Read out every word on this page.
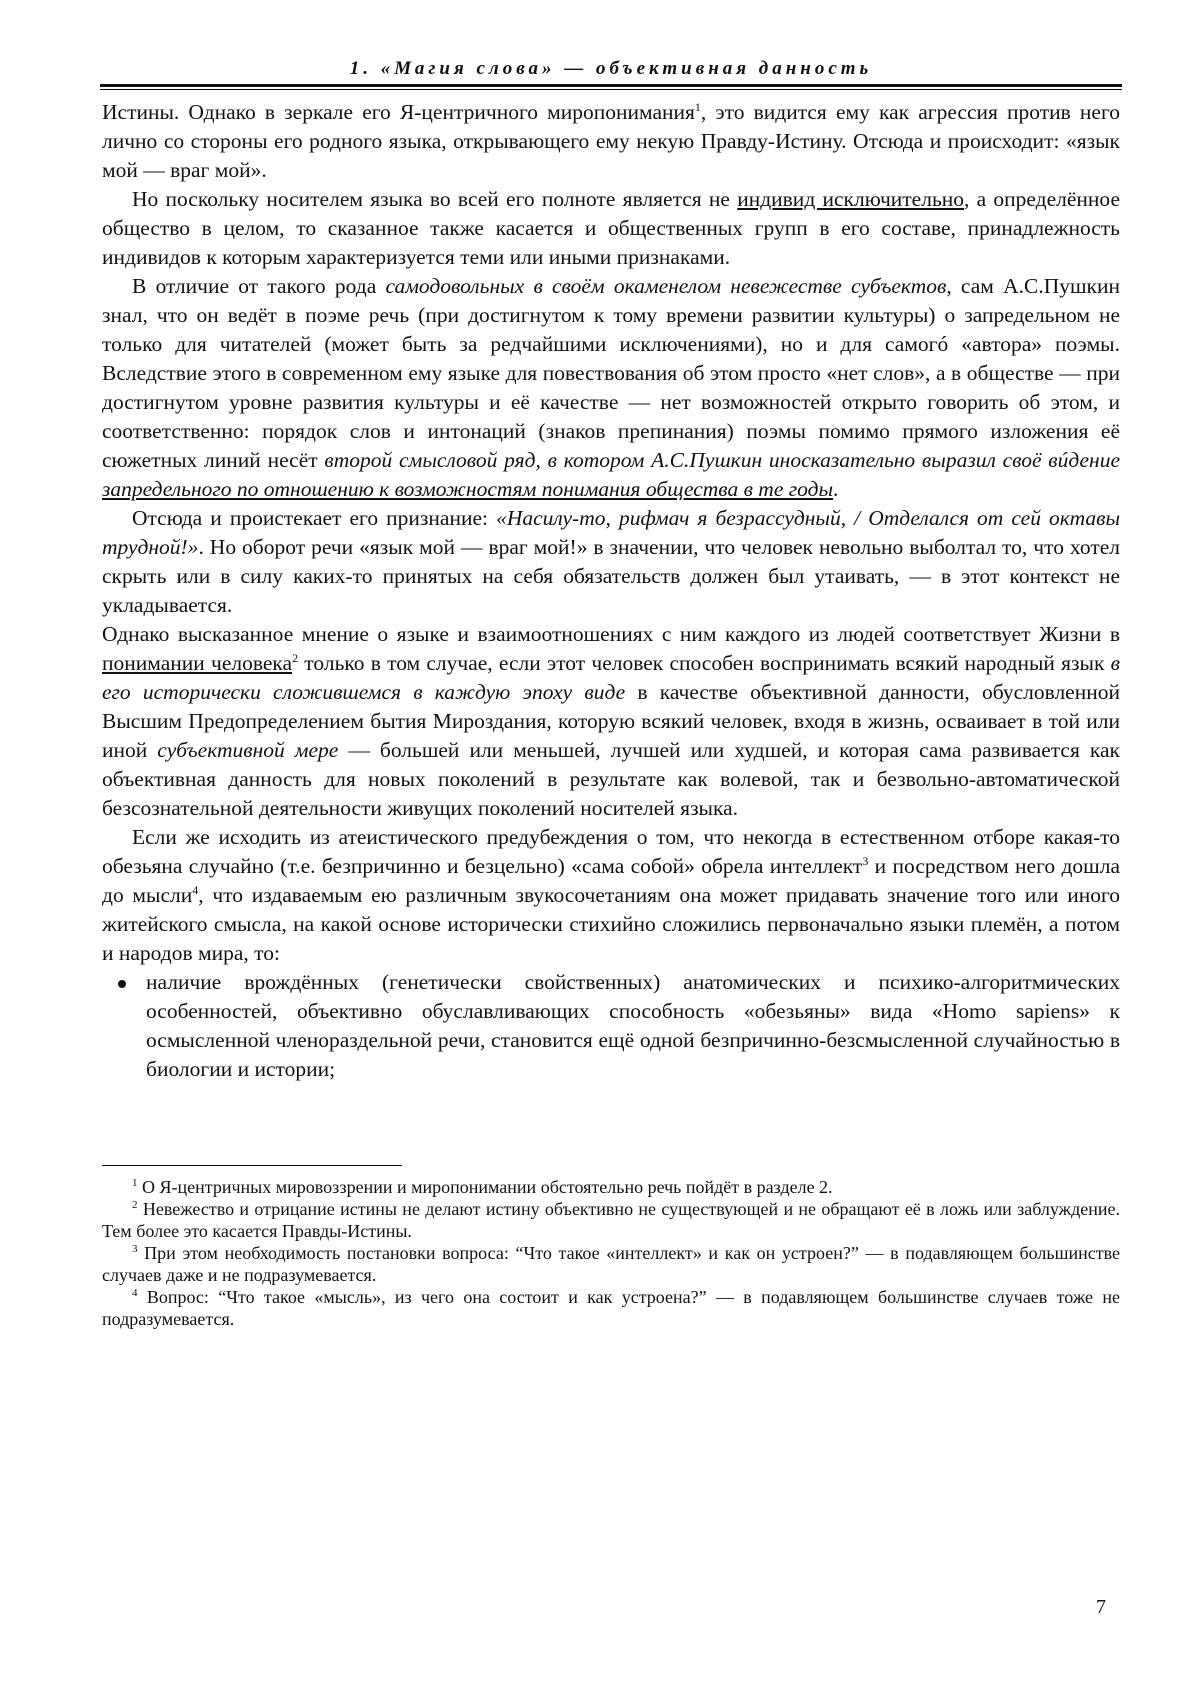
1. «Магия слова» — объективная данность

Истины. Однако в зеркале его Я-центричного миропонимания$^1$, это видится ему как агрессия против него лично со стороны его родного языка, открывающего ему некую Правду-Истину. Отсюда и происходит: «язык мой — враг мой».

Но поскольку носителем языка во всей его полноте является не индивид исключительно, а определённое общество в целом, то сказанное также касается и общественных групп в его составе, принадлежность индивидов к которым характеризуется теми или иными признаками.

В отличие от такого рода самодовольных в своём окаменелом невежестве субъектов, сам А.С.Пушкин знал, что он ведёт в поэме речь (при достигнутом к тому времени развитии культуры) о запредельном не только для читателей (может быть за редчайшими исключениями), но и для самогó «автора» поэмы. Вследствие этого в современном ему языке для повествования об этом просто «нет слов», а в обществе — при достигнутом уровне развития культуры и её качестве — нет возможностей открыто говорить об этом, и соответственно: порядок слов и интонаций (знаков препинания) поэмы помимо прямого изложения её сюжетных линий несёт второй смысловой ряд, в котором А.С.Пушкин иносказательно выразил своё вúдение запредельного по отношению к возможностям понимания общества в те годы.

Отсюда и проистекает его признание: «Насилу-то, рифмач я безрассудный, / Отделался от сей октавы трудной!». Но оборот речи «язык мой — враг мой!» в значении, что человек невольно выболтал то, что хотел скрыть или в силу каких-то принятых на себя обязательств должен был утаивать, — в этот контекст не укладывается.

Однако высказанное мнение о языке и взаимоотношениях с ним каждого из людей соответствует Жизни в понимании человека$^2$ только в том случае, если этот человек способен воспринимать всякий народный язык в его исторически сложившемся в каждую эпоху виде в качестве объективной данности, обусловленной Высшим Предопределением бытия Мироздания, которую всякий человек, входя в жизнь, осваивает в той или иной субъективной мере — большей или меньшей, лучшей или худшей, и которая сама развивается как объективная данность для новых поколений в результате как волевой, так и безвольно-автоматической безсознательной деятельности живущих поколений носителей языка.

Если же исходить из атеистического предубеждения о том, что некогда в естественном отборе какая-то обезьяна случайно (т.е. безпричинно и безцельно) «сама собой» обрела интеллект$^3$ и посредством него дошла до мысли$^4$, что издаваемым ею различным звукосочетаниям она может придавать значение того или иного житейского смысла, на какой основе исторически стихийно сложились первоначально языки племён, а потом и народов мира, то:

наличие врождённых (генетически свойственных) анатомических и психико-алгоритмических особенностей, объективно обуславливающих способность «обезьяны» вида «Homo sapiens» к осмысленной членораздельной речи, становится ещё одной безпричинно-безсмысленной случайностью в биологии и истории;

$^1$ О Я-центричных мировоззрении и миропонимании обстоятельно речь пойдёт в разделе 2.

$^2$ Невежество и отрицание истины не делают истину объективно не существующей и не обращают её в ложь или заблуждение. Тем более это касается Правды-Истины.

$^3$ При этом необходимость постановки вопроса: “Что такое «интеллект» и как он устроен?” — в подавляющем большинстве случаев даже и не подразумевается.

$^4$ Вопрос: “Что такое «мысль», из чего она состоит и как устроена?” — в подавляющем большинстве случаев тоже не подразумевается.

7
